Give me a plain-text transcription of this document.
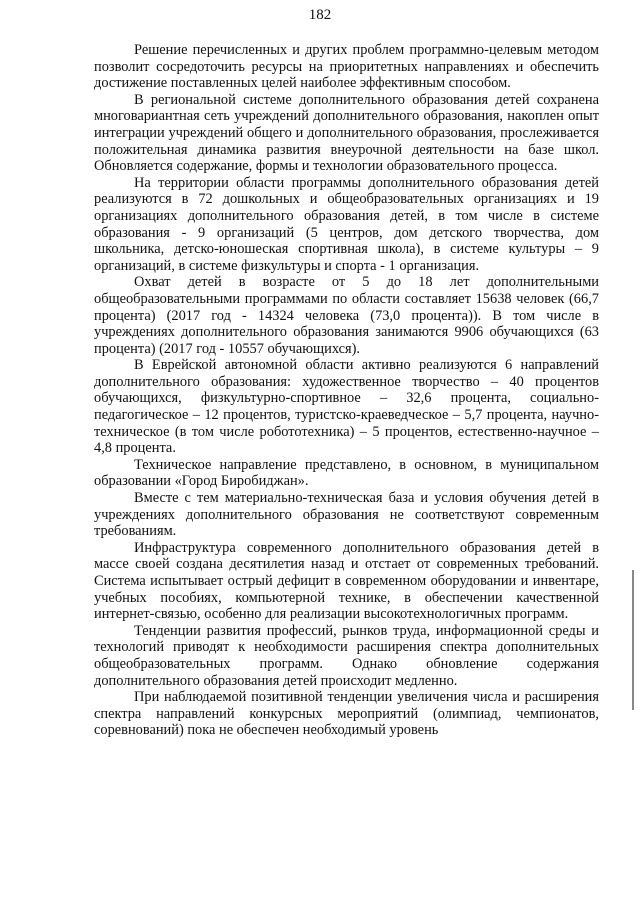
182

Решение перечисленных и других проблем программно-целевым методом позволит сосредоточить ресурсы на приоритетных направлениях и обеспечить достижение поставленных целей наиболее эффективным способом.

В региональной системе дополнительного образования детей сохранена многовариантная сеть учреждений дополнительного образования, накоплен опыт интеграции учреждений общего и дополнительного образования, прослеживается положительная динамика развития внеурочной деятельности на базе школ. Обновляется содержание, формы и технологии образовательного процесса.

На территории области программы дополнительного образования детей реализуются в 72 дошкольных и общеобразовательных организациях и 19 организациях дополнительного образования детей, в том числе в системе образования - 9 организаций (5 центров, дом детского творчества, дом школьника, детско-юношеская спортивная школа), в системе культуры – 9 организаций, в системе физкультуры и спорта - 1 организация.

Охват детей в возрасте от 5 до 18 лет дополнительными общеобразовательными программами по области составляет 15638 человек (66,7 процента) (2017 год - 14324 человека (73,0 процента)). В том числе в учреждениях дополнительного образования занимаются 9906 обучающихся (63 процента) (2017 год - 10557 обучающихся).

В Еврейской автономной области активно реализуются 6 направлений дополнительного образования: художественное творчество – 40 процентов обучающихся, физкультурно-спортивное – 32,6 процента, социально-педагогическое – 12 процентов, туристско-краеведческое – 5,7 процента, научно-техническое (в том числе робототехника) – 5 процентов, естественно-научное – 4,8 процента.

Техническое направление представлено, в основном, в муниципальном образовании «Город Биробиджан».

Вместе с тем материально-техническая база и условия обучения детей в учреждениях дополнительного образования не соответствуют современным требованиям.

Инфраструктура современного дополнительного образования детей в массе своей создана десятилетия назад и отстает от современных требований. Система испытывает острый дефицит в современном оборудовании и инвентаре, учебных пособиях, компьютерной технике, в обеспечении качественной интернет-связью, особенно для реализации высокотехнологичных программ.

Тенденции развития профессий, рынков труда, информационной среды и технологий приводят к необходимости расширения спектра дополнительных общеобразовательных программ. Однако обновление содержания дополнительного образования детей происходит медленно.

При наблюдаемой позитивной тенденции увеличения числа и расширения спектра направлений конкурсных мероприятий (олимпиад, чемпионатов, соревнований) пока не обеспечен необходимый уровень
